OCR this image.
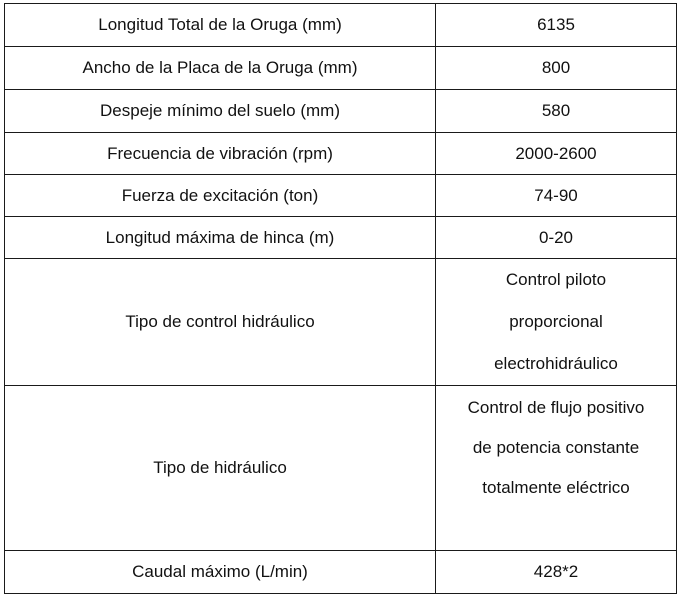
Longitud Total de la Oruga (mm)	6135
Ancho de la Placa de la Oruga (mm)	800
Despeje mínimo del suelo (mm)	580
Frecuencia de vibración (rpm)	2000-2600
Fuerza de excitación (ton)	74-90
Longitud máxima de hinca (m)	0-20
Tipo de control hidráulico	Control piloto
proporcional
electrohidráulico

Tipo de hidráulico	Control de flujo positivo
de potencia constante
totalmente eléctrico

Caudal máximo (L/min)	428*2
